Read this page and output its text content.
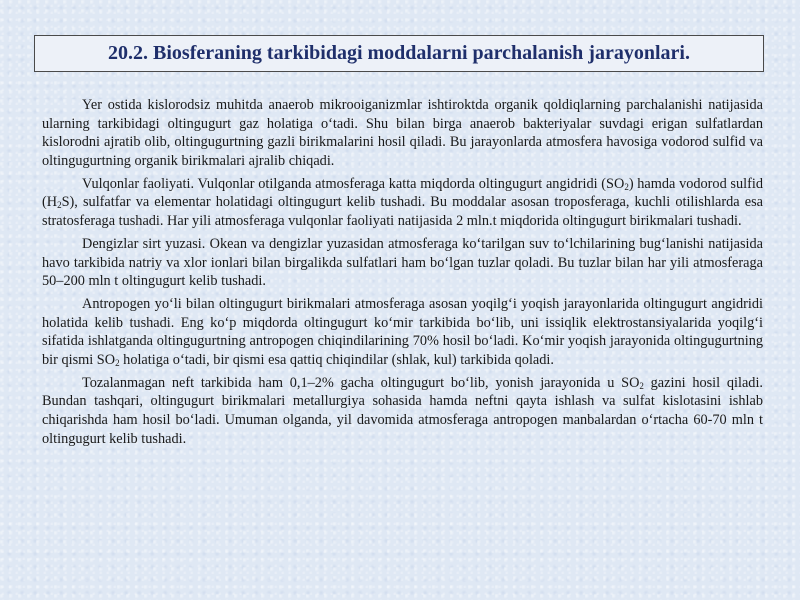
20.2. Biosferaning tarkibidagi moddalarni parchalanish jarayonlari.

Yer ostida kislorodsiz muhitda anaerob mikrooiganizmlar ishtiroktda organik qoldiqlarning parchalanishi natijasida ularning tarkibidagi oltingugurt gaz holatiga o‘tadi. Shu bilan birga anaerob bakteriyalar suvdagi erigan sulfatlardan kislorodni ajratib olib, oltingugurtning gazli birikmalarini hosil qiladi. Bu jarayonlarda atmosfera havosiga vodorod sulfid va oltingugurtning organik birikmalari ajralib chiqadi.

Vulqonlar faoliyati. Vulqonlar otilganda atmosferaga katta miqdorda oltingugurt angidridi $(SO_2)$ hamda vodorod sulfid $(H_2S)$, sulfatfar va elementar holatidagi oltingugurt kelib tushadi. Bu moddalar asosan troposferaga, kuchli otilishlarda esa stratosferaga tushadi. Har yili atmosferaga vulqonlar faoliyati natijasida 2 mln.t miqdorida oltingugurt birikmalari tushadi.

Dengizlar sirt yuzasi. Okean va dengizlar yuzasidan atmosferaga ko‘tarilgan suv to‘lchilarining bug‘lanishi natijasida havo tarkibida natriy va xlor ionlari bilan birgalikda sulfatlari ham bo‘lgan tuzlar qoladi. Bu tuzlar bilan har yili atmosferaga 50–200 mln t oltingugurt kelib tushadi.

Antropogen yo‘li bilan oltingugurt birikmalari atmosferaga asosan yoqilg‘i yoqish jarayonlarida oltingugurt angidridi holatida kelib tushadi. Eng ko‘p miqdorda oltingugurt ko‘mir tarkibida bo‘lib, uni issiqlik elektrostansiyalarida yoqilg‘i sifatida ishlatganda oltingugurtning antropogen chiqindilarining 70% hosil bo‘ladi. Ko‘mir yoqish jarayonida oltingugurtning bir qismi $SO_2$ holatiga o‘tadi, bir qismi esa qattiq chiqindilar (shlak, kul) tarkibida qoladi.

Tozalanmagan neft tarkibida ham 0,1–2% gacha oltingugurt bo‘lib, yonish jarayonida u $SO_2$ gazini hosil qiladi. Bundan tashqari, oltingugurt birikmalari metallurgiya sohasida hamda neftni qayta ishlash va sulfat kislotasini ishlab chiqarishda ham hosil bo‘ladi. Umuman olganda, yil davomida atmosferaga antropogen manbalardan o‘rtacha 60-70 mln t oltingugurt kelib tushadi.
